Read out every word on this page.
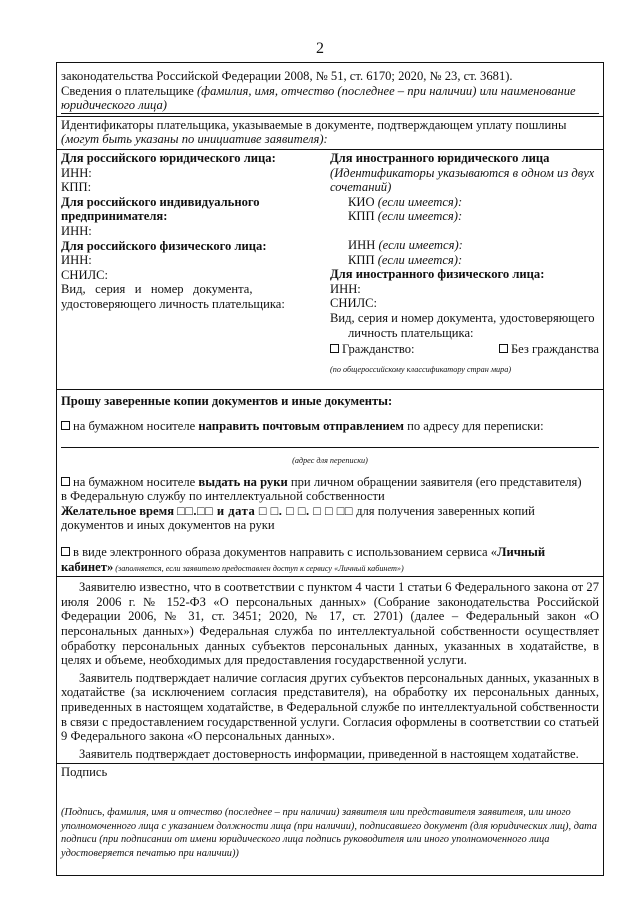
2

законодательства Российской Федерации 2008, № 51, ст. 6170; 2020, № 23, ст. 3681).

Сведения о плательщике (фамилия, имя, отчество (последнее – при наличии) или наименование

юридического лица)

Идентификаторы плательщика, указываемые в документе, подтверждающем уплату пошлины

(могут быть указаны по инициативе заявителя):

Для российского юридического лица:

ИНН:

КПП:

Для российского индивидуального

предпринимателя:

ИНН:

Для российского физического лица:

ИНН:

СНИЛС:

Вид,   серия   и   номер   документа,

удостоверяющего личность плательщика:

Для иностранного юридического лица

(Идентификаторы указываются в одном из двух

сочетаний)

КИО (если имеется):

КПП (если имеется):

ИНН (если имеется):

КПП (если имеется):

Для иностранного физического лица:

ИНН:

СНИЛС:

Вид, серия и номер документа, удостоверяющего

личность плательщика:

Гражданство:	Без гражданства

(по общероссийскому классификатору стран мира)

Прошу заверенные копии документов и иные документы:

на бумажном носителе направить почтовым отправлением по адресу для переписки:

(адрес для переписки)

на бумажном носителе выдать на руки при личном обращении заявителя (его представителя)

в Федеральную службу по интеллектуальной собственности

Желательное время □□.□□ и дата □ □. □ □. □ □ □□ для получения заверенных копий

документов и иных документов на руки

в виде электронного образа документов направить с использованием сервиса «Личный

кабинет» (заполняется, если заявителю предоставлен доступ к сервису «Личный кабинет»)

Заявителю известно, что в соответствии с пунктом 4 части 1 статьи 6 Федерального закона от 27 июля 2006 г. № 152-ФЗ «О персональных данных» (Собрание законодательства Российской Федерации 2006, № 31, ст. 3451; 2020, № 17, ст. 2701) (далее – Федеральный закон «О персональных данных») Федеральная служба по интеллектуальной собственности осуществляет обработку персональных данных субъектов персональных данных, указанных в ходатайстве, в целях и объеме, необходимых для предоставления государственной услуги.

Заявитель подтверждает наличие согласия других субъектов персональных данных, указанных в ходатайстве (за исключением согласия представителя), на обработку их персональных данных, приведенных в настоящем ходатайстве, в Федеральной службе по интеллектуальной собственности в связи с предоставлением государственной услуги. Согласия оформлены в соответствии со статьей 9 Федерального закона «О персональных данных».

Заявитель подтверждает достоверность информации, приведенной в настоящем ходатайстве.

Подпись

(Подпись, фамилия, имя и отчество (последнее – при наличии) заявителя или представителя заявителя, или иного уполномоченного лица с указанием должности лица (при наличии), подписавшего документ (для юридических лиц), дата подписи (при подписании от имени юридического лица подпись руководителя или иного уполномоченного лица удостоверяется печатью при наличии))
